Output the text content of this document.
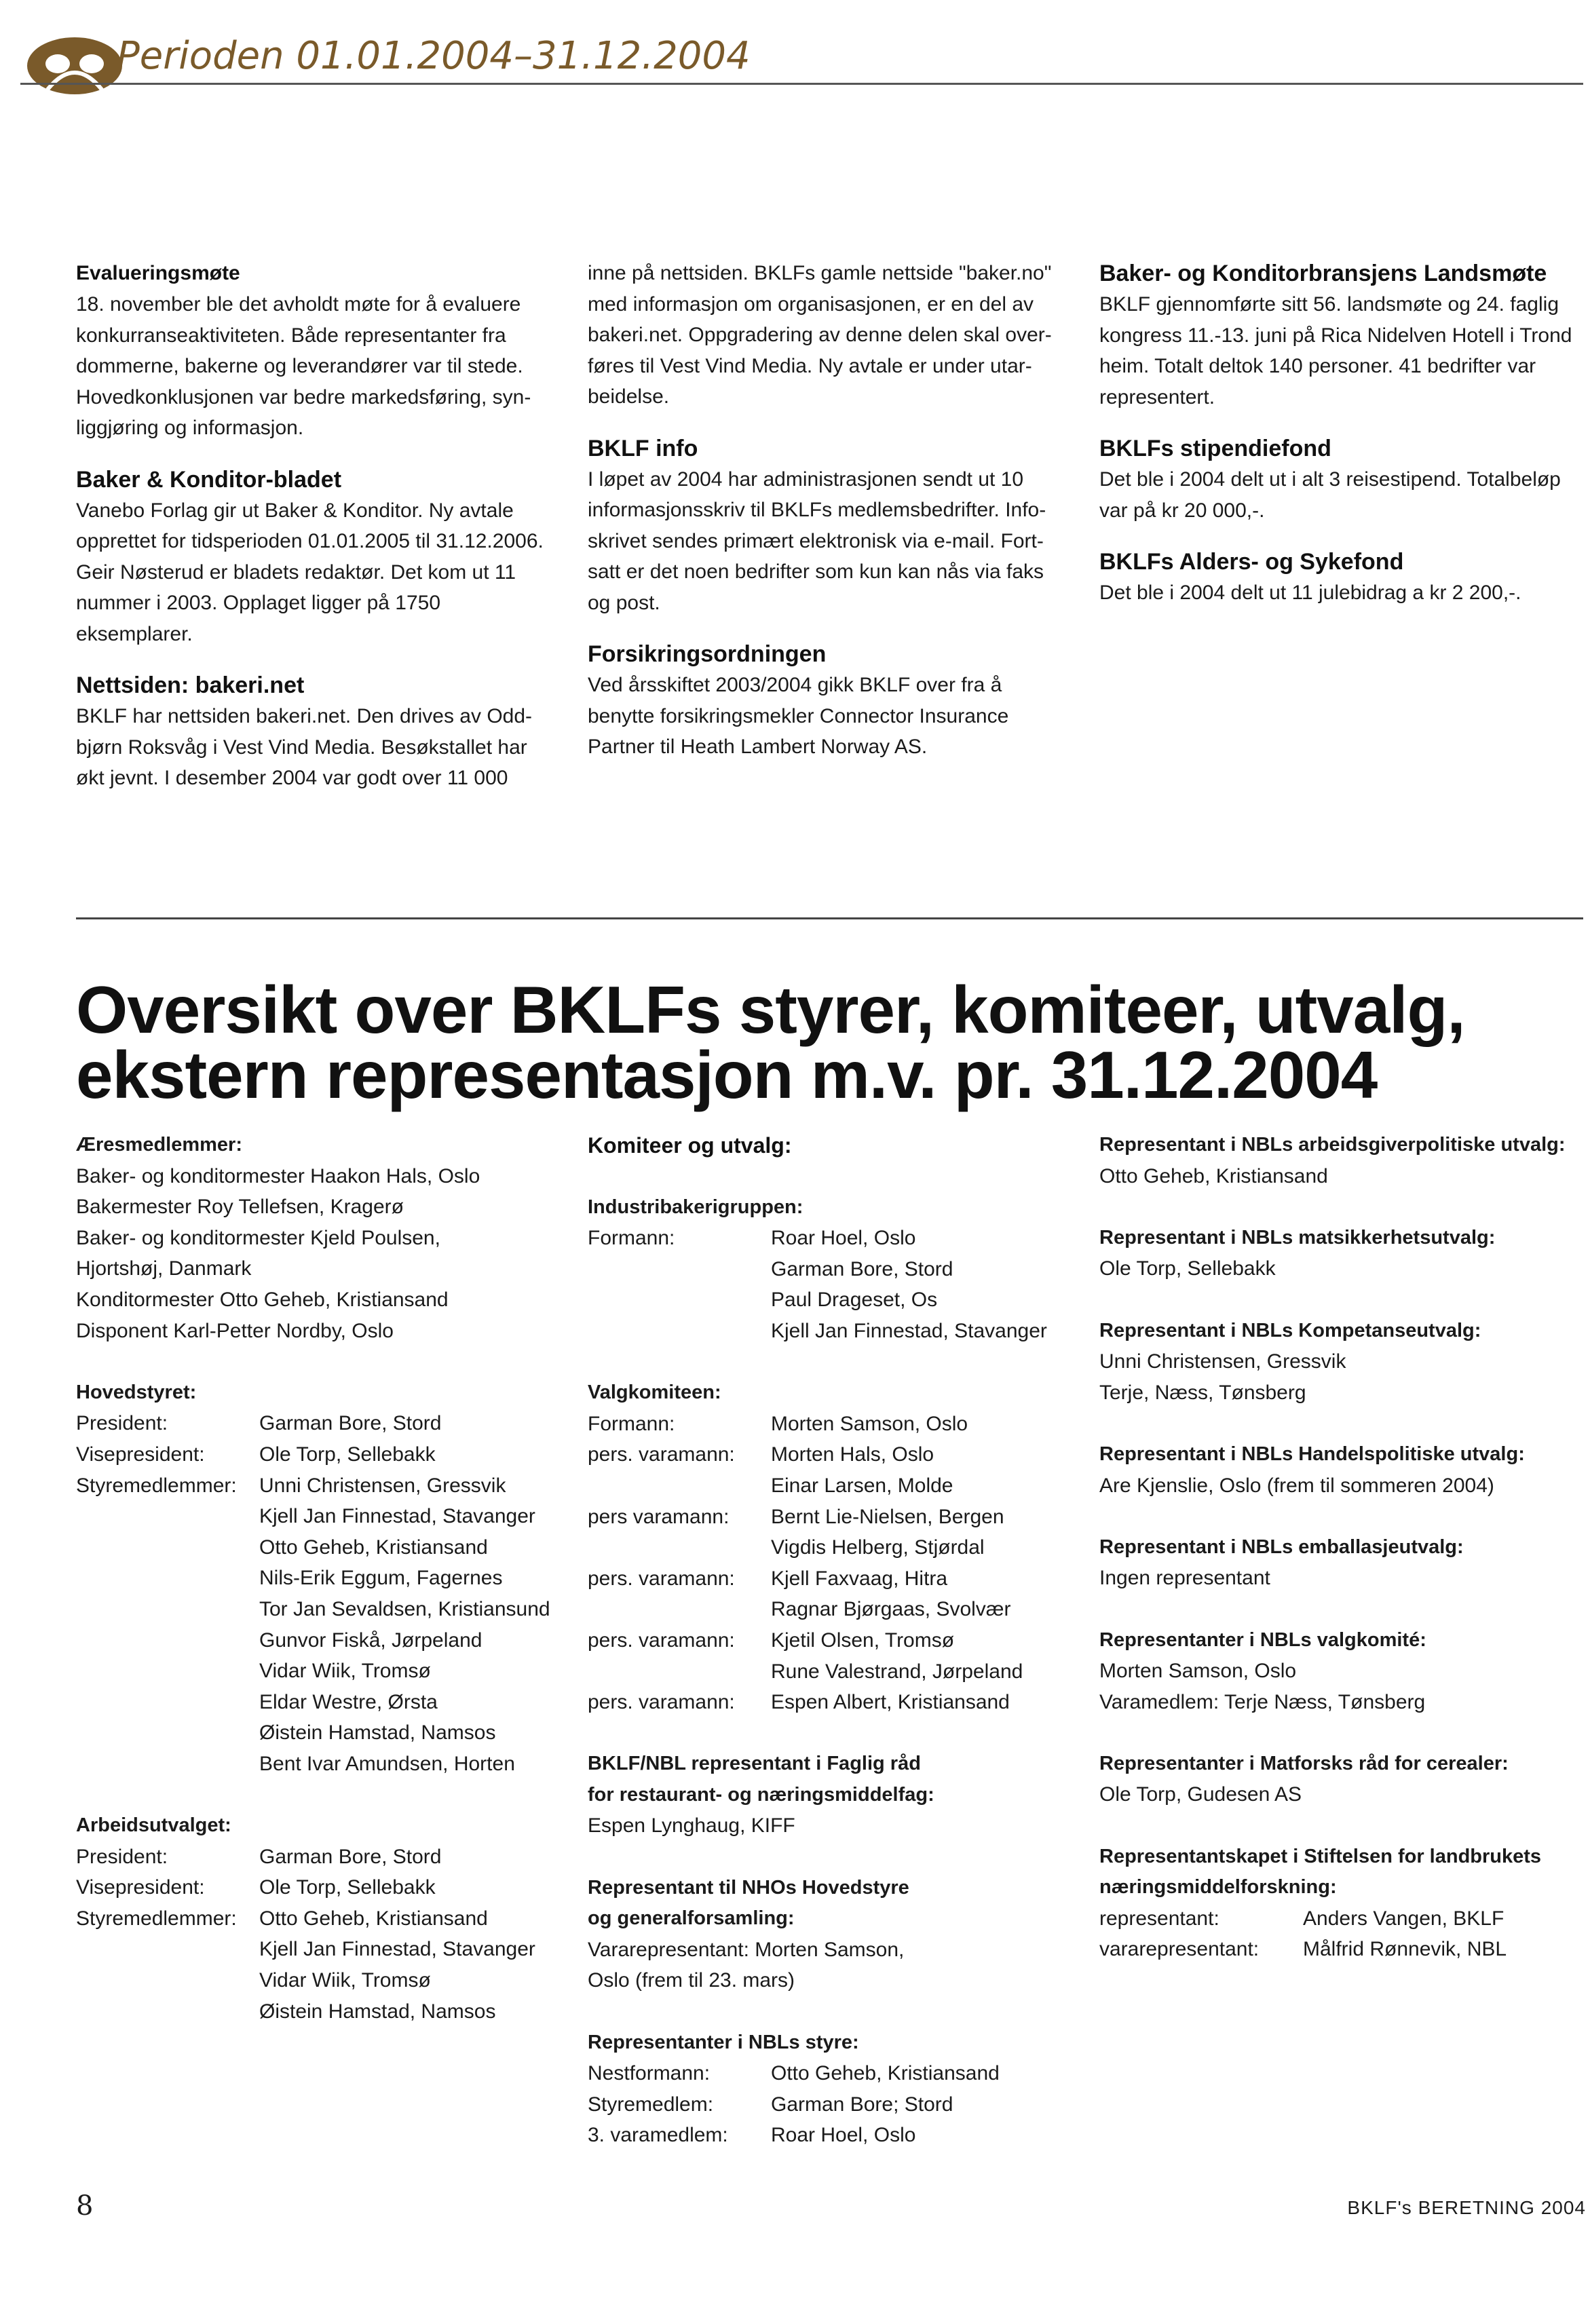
Perioden 01.01.2004–31.12.2004
Evalueringsmøte
18. november ble det avholdt møte for å evaluere
konkurranseaktiviteten. Både representanter fra
dommerne, bakerne og leverandører var til stede.
Hovedkonklusjonen var bedre markedsføring, syn-
liggjøring og informasjon.
Baker & Konditor-bladet
Vanebo Forlag gir ut Baker & Konditor. Ny avtale
opprettet for tidsperioden 01.01.2005 til 31.12.2006.
Geir Nøsterud er bladets redaktør. Det kom ut 11
nummer i 2003. Opplaget ligger på 1750
eksemplarer.
Nettsiden: bakeri.net
BKLF har nettsiden bakeri.net. Den drives av Odd-
bjørn Roksvåg i Vest Vind Media. Besøkstallet har
økt jevnt. I desember 2004 var godt over 11 000
inne på nettsiden. BKLFs gamle nettside "baker.no"
med informasjon om organisasjonen, er en del av
bakeri.net. Oppgradering av denne delen skal over-
føres til Vest Vind Media. Ny avtale er under utar-
beidelse.
BKLF info
I løpet av 2004 har administrasjonen sendt ut 10
informasjonsskriv til BKLFs medlemsbedrifter. Info-
skrivet sendes primært elektronisk via e-mail. Fort-
satt er det noen bedrifter som kun kan nås via faks
og post.
Forsikringsordningen
Ved årsskiftet 2003/2004 gikk BKLF over fra å
benytte forsikringsmekler Connector Insurance
Partner til Heath Lambert Norway AS.
Baker- og Konditorbransjens Landsmøte
BKLF gjennomførte sitt 56. landsmøte og 24. faglig
kongress 11.-13. juni på Rica Nidelven Hotell i Trond
heim. Totalt deltok 140 personer. 41 bedrifter var
representert.
BKLFs stipendiefond
Det ble i 2004 delt ut i alt 3 reisestipend. Totalbeløp
var på kr 20 000,-.
BKLFs Alders- og Sykefond
Det ble i 2004 delt ut 11 julebidrag a kr 2 200,-.
Oversikt over BKLFs styrer, komiteer, utvalg,
ekstern representasjon m.v. pr. 31.12.2004
Æresmedlemmer:
Baker- og konditormester Haakon Hals, Oslo
Bakermester Roy Tellefsen, Kragerø
Baker- og konditormester Kjeld Poulsen,
Hjortshøj, Danmark
Konditormester Otto Geheb, Kristiansand
Disponent Karl-Petter Nordby, Oslo
Hovedstyret:
President:	Garman Bore, Stord
Visepresident:	Ole Torp, Sellebakk
Styremedlemmer:	Unni Christensen, Gressvik
Kjell Jan Finnestad, Stavanger
Otto Geheb, Kristiansand
Nils-Erik Eggum, Fagernes
Tor Jan Sevaldsen, Kristiansund
Gunvor Fiskå, Jørpeland
Vidar Wiik, Tromsø
Eldar Westre, Ørsta
Øistein Hamstad, Namsos
Bent Ivar Amundsen, Horten
Arbeidsutvalget:
President:	Garman Bore, Stord
Visepresident:	Ole Torp, Sellebakk
Styremedlemmer:	Otto Geheb, Kristiansand
Kjell Jan Finnestad, Stavanger
Vidar Wiik, Tromsø
Øistein Hamstad, Namsos
Komiteer og utvalg:
Industribakerigruppen:
Formann:	Roar Hoel, Oslo
Garman Bore, Stord
Paul Drageset, Os
Kjell Jan Finnestad, Stavanger
Valgkomiteen:
Formann:	Morten Samson, Oslo
pers. varamann:	Morten Hals, Oslo
Einar Larsen, Molde
pers varamann:	Bernt Lie-Nielsen, Bergen
Vigdis Helberg, Stjørdal
pers. varamann:	Kjell Faxvaag, Hitra
Ragnar Bjørgaas, Svolvær
pers. varamann:	Kjetil Olsen, Tromsø
Rune Valestrand, Jørpeland
pers. varamann:	Espen Albert, Kristiansand
BKLF/NBL representant i Faglig råd
for restaurant- og næringsmiddelfag:
Espen Lynghaug, KIFF
Representant til NHOs Hovedstyre
og generalforsamling:
Vararepresentant: Morten Samson,
Oslo (frem til 23. mars)
Representanter i NBLs styre:
Nestformann:	Otto Geheb, Kristiansand
Styremedlem:	Garman Bore; Stord
3. varamedlem:	Roar Hoel, Oslo
Representant i NBLs arbeidsgiverpolitiske utvalg:
Otto Geheb, Kristiansand
Representant i NBLs matsikkerhetsutvalg:
Ole Torp, Sellebakk
Representant i NBLs Kompetanseutvalg:
Unni Christensen, Gressvik
Terje, Næss, Tønsberg
Representant i NBLs Handelspolitiske utvalg:
Are Kjenslie, Oslo (frem til sommeren 2004)
Representant i NBLs emballasjeutvalg:
Ingen representant
Representanter i NBLs valgkomité:
Morten Samson, Oslo
Varamedlem: Terje Næss, Tønsberg
Representanter i Matforsks råd for cerealer:
Ole Torp, Gudesen AS
Representantskapet i Stiftelsen for landbrukets
næringsmiddelforskning:
representant:	Anders Vangen, BKLF
vararepresentant:	Målfrid Rønnevik, NBL
8	BKLF's BERETNING 2004
